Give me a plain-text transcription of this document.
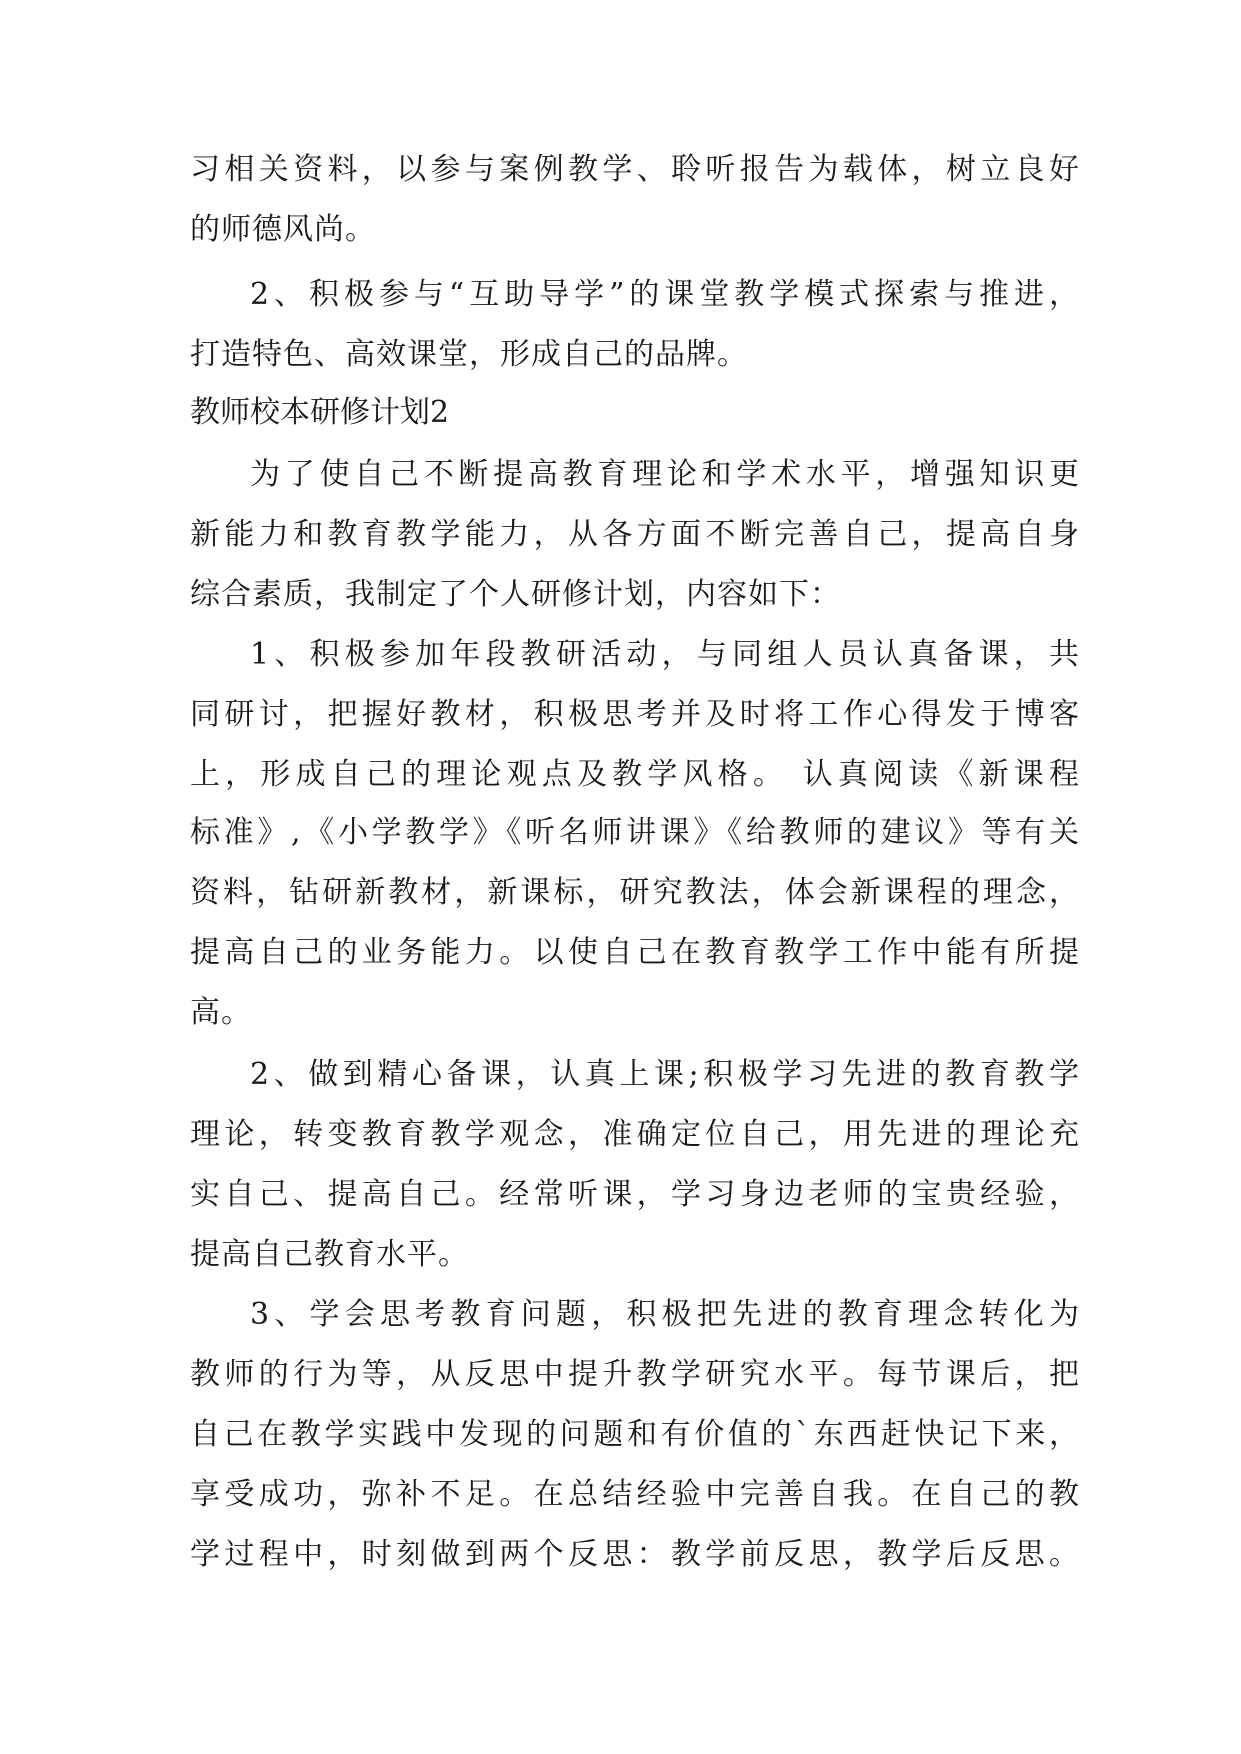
习相关资料，以参与案例教学、聆听报告为载体，树立良好
的师德风尚。
2、积极参与“互助导学”的课堂教学模式探索与推进，
打造特色、高效课堂，形成自己的品牌。
教师校本研修计划2
为了使自己不断提高教育理论和学术水平，增强知识更
新能力和教育教学能力，从各方面不断完善自己，提高自身
综合素质，我制定了个人研修计划，内容如下：
1、积极参加年段教研活动，与同组人员认真备课，共
同研讨，把握好教材，积极思考并及时将工作心得发于博客
上，形成自己的理论观点及教学风格。 认真阅读《新课程
标准》,《小学教学》《听名师讲课》《给教师的建议》等有关
资料，钻研新教材，新课标，研究教法，体会新课程的理念，
提高自己的业务能力。以使自己在教育教学工作中能有所提
高。
2、做到精心备课，认真上课;积极学习先进的教育教学
理论，转变教育教学观念，准确定位自己，用先进的理论充
实自己、提高自己。经常听课，学习身边老师的宝贵经验，
提高自己教育水平。
3、学会思考教育问题，积极把先进的教育理念转化为
教师的行为等，从反思中提升教学研究水平。每节课后，把
自己在教学实践中发现的问题和有价值的`东西赶快记下来，
享受成功，弥补不足。在总结经验中完善自我。在自己的教
学过程中，时刻做到两个反思：教学前反思，教学后反思。
